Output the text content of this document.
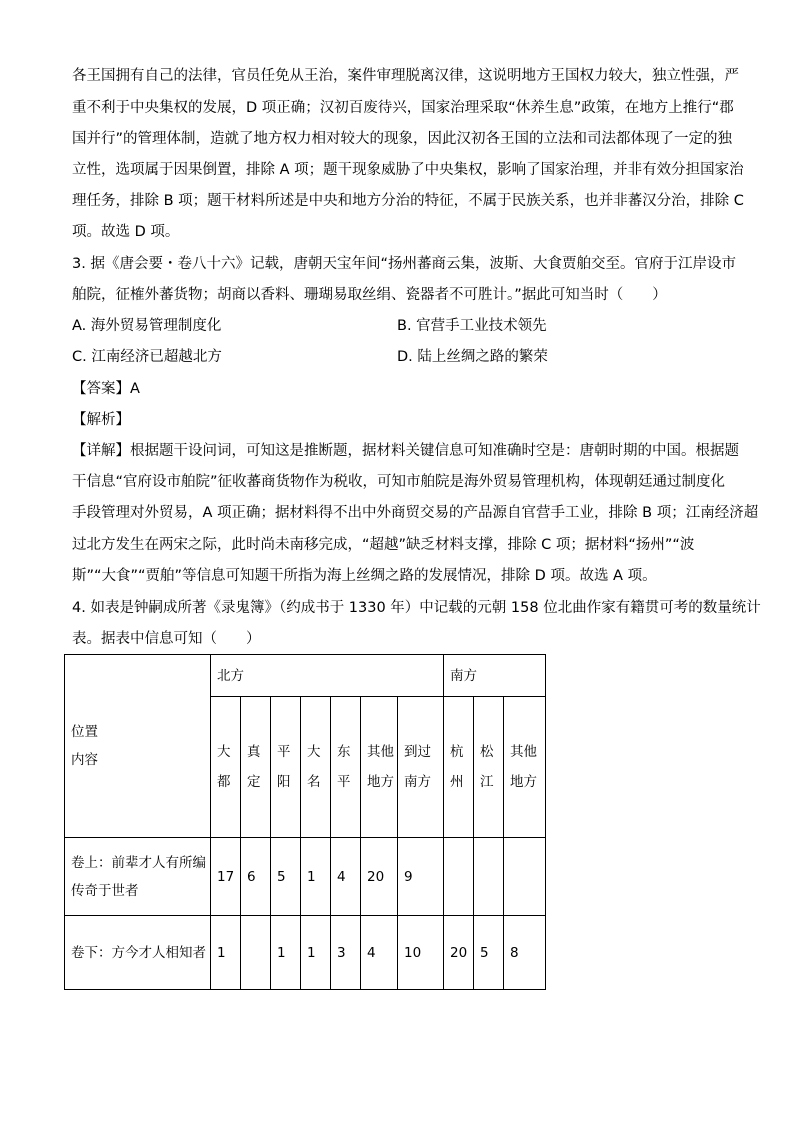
各王国拥有自己的法律，官员任免从王治，案件审理脱离汉律，这说明地方王国权力较大，独立性强，严
重不利于中央集权的发展，D 项正确；汉初百废待兴，国家治理采取“休养生息”政策，在地方上推行“郡
国并行”的管理体制，造就了地方权力相对较大的现象，因此汉初各王国的立法和司法都体现了一定的独
立性，选项属于因果倒置，排除 A 项；题干现象威胁了中央集权，影响了国家治理，并非有效分担国家治
理任务，排除 B 项；题干材料所述是中央和地方分治的特征，不属于民族关系，也并非蕃汉分治，排除 C
项。故选 D 项。
3. 据《唐会要・卷八十六》记载，唐朝天宝年间“扬州蕃商云集，波斯、大食贾舶交至。官府于江岸设市
舶院，征榷外蕃货物；胡商以香料、珊瑚易取丝绢、瓷器者不可胜计。”据此可知当时（　　）
A. 海外贸易管理制度化	B. 官营手工业技术领先
C. 江南经济已超越北方	D. 陆上丝绸之路的繁荣
【答案】A
【解析】
【详解】根据题干设问词，可知这是推断题，据材料关键信息可知准确时空是：唐朝时期的中国。根据题
干信息“官府设市舶院”征收蕃商货物作为税收，可知市舶院是海外贸易管理机构，体现朝廷通过制度化
手段管理对外贸易，A 项正确；据材料得不出中外商贸交易的产品源自官营手工业，排除 B 项；江南经济超
过北方发生在两宋之际，此时尚未南移完成，“超越”缺乏材料支撑，排除 C 项；据材料“扬州”“波
斯”“大食”“贾舶”等信息可知题干所指为海上丝绸之路的发展情况，排除 D 项。故选 A 项。
4. 如表是钟嗣成所著《录鬼簿》（约成书于 1330 年）中记载的元朝 158 位北曲作家有籍贯可考的数量统计
表。据表中信息可知（　　）
位置
内容	北方							南方		
	大都	真定	平阳	大名	东平	其他地方	到过南方	杭州	松江	其他地方
卷上：前辈才人有所编传奇于世者	17	6	5	1	4	20	9			
卷下：方今才人相知者	1		1	1	3	4	10	20	5	8
